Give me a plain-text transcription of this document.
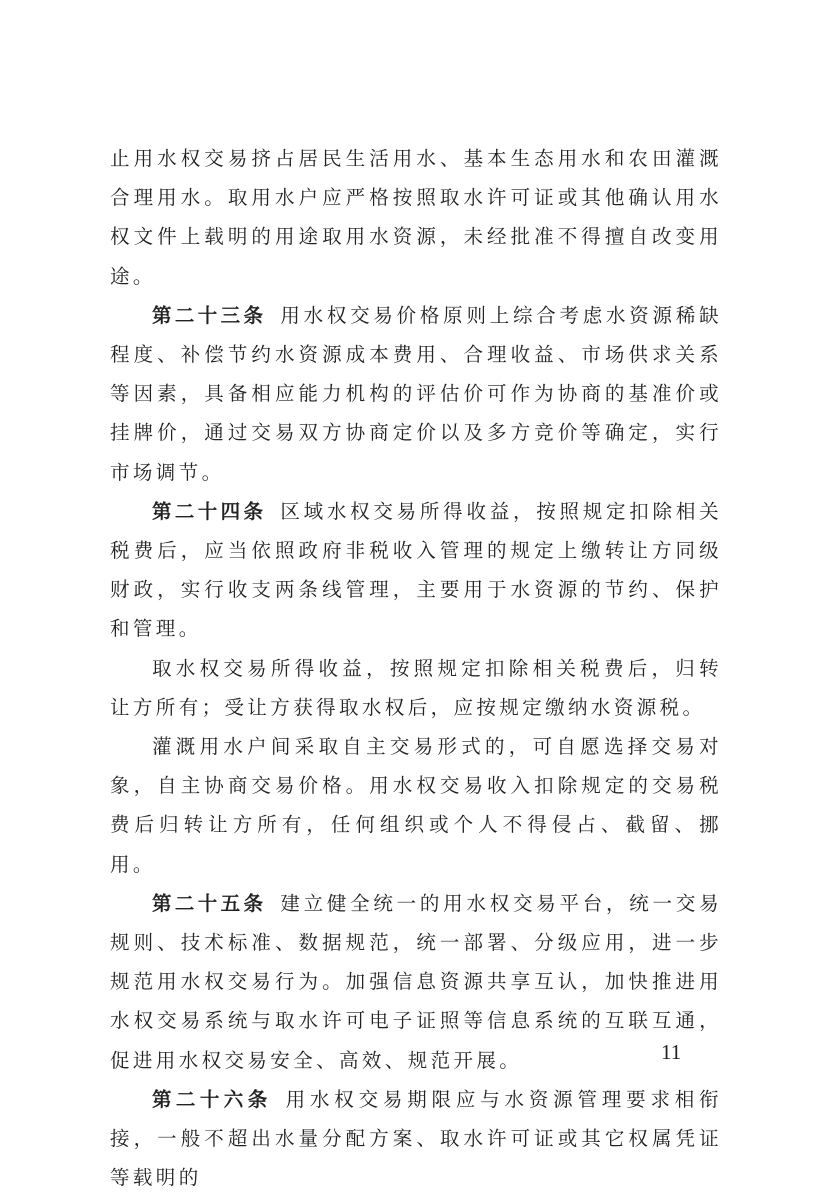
止用水权交易挤占居民生活用水、基本生态用水和农田灌溉合理用水。取用水户应严格按照取水许可证或其他确认用水权文件上载明的用途取用水资源，未经批准不得擅自改变用途。

第二十三条 用水权交易价格原则上综合考虑水资源稀缺程度、补偿节约水资源成本费用、合理收益、市场供求关系等因素，具备相应能力机构的评估价可作为协商的基准价或挂牌价，通过交易双方协商定价以及多方竞价等确定，实行市场调节。

第二十四条 区域水权交易所得收益，按照规定扣除相关税费后，应当依照政府非税收入管理的规定上缴转让方同级财政，实行收支两条线管理，主要用于水资源的节约、保护和管理。

取水权交易所得收益，按照规定扣除相关税费后，归转让方所有；受让方获得取水权后，应按规定缴纳水资源税。

灌溉用水户间采取自主交易形式的，可自愿选择交易对象，自主协商交易价格。用水权交易收入扣除规定的交易税费后归转让方所有，任何组织或个人不得侵占、截留、挪用。

第二十五条 建立健全统一的用水权交易平台，统一交易规则、技术标准、数据规范，统一部署、分级应用，进一步规范用水权交易行为。加强信息资源共享互认，加快推进用水权交易系统与取水许可电子证照等信息系统的互联互通，促进用水权交易安全、高效、规范开展。

第二十六条 用水权交易期限应与水资源管理要求相衔接，一般不超出水量分配方案、取水许可证或其它权属凭证等载明的

11
